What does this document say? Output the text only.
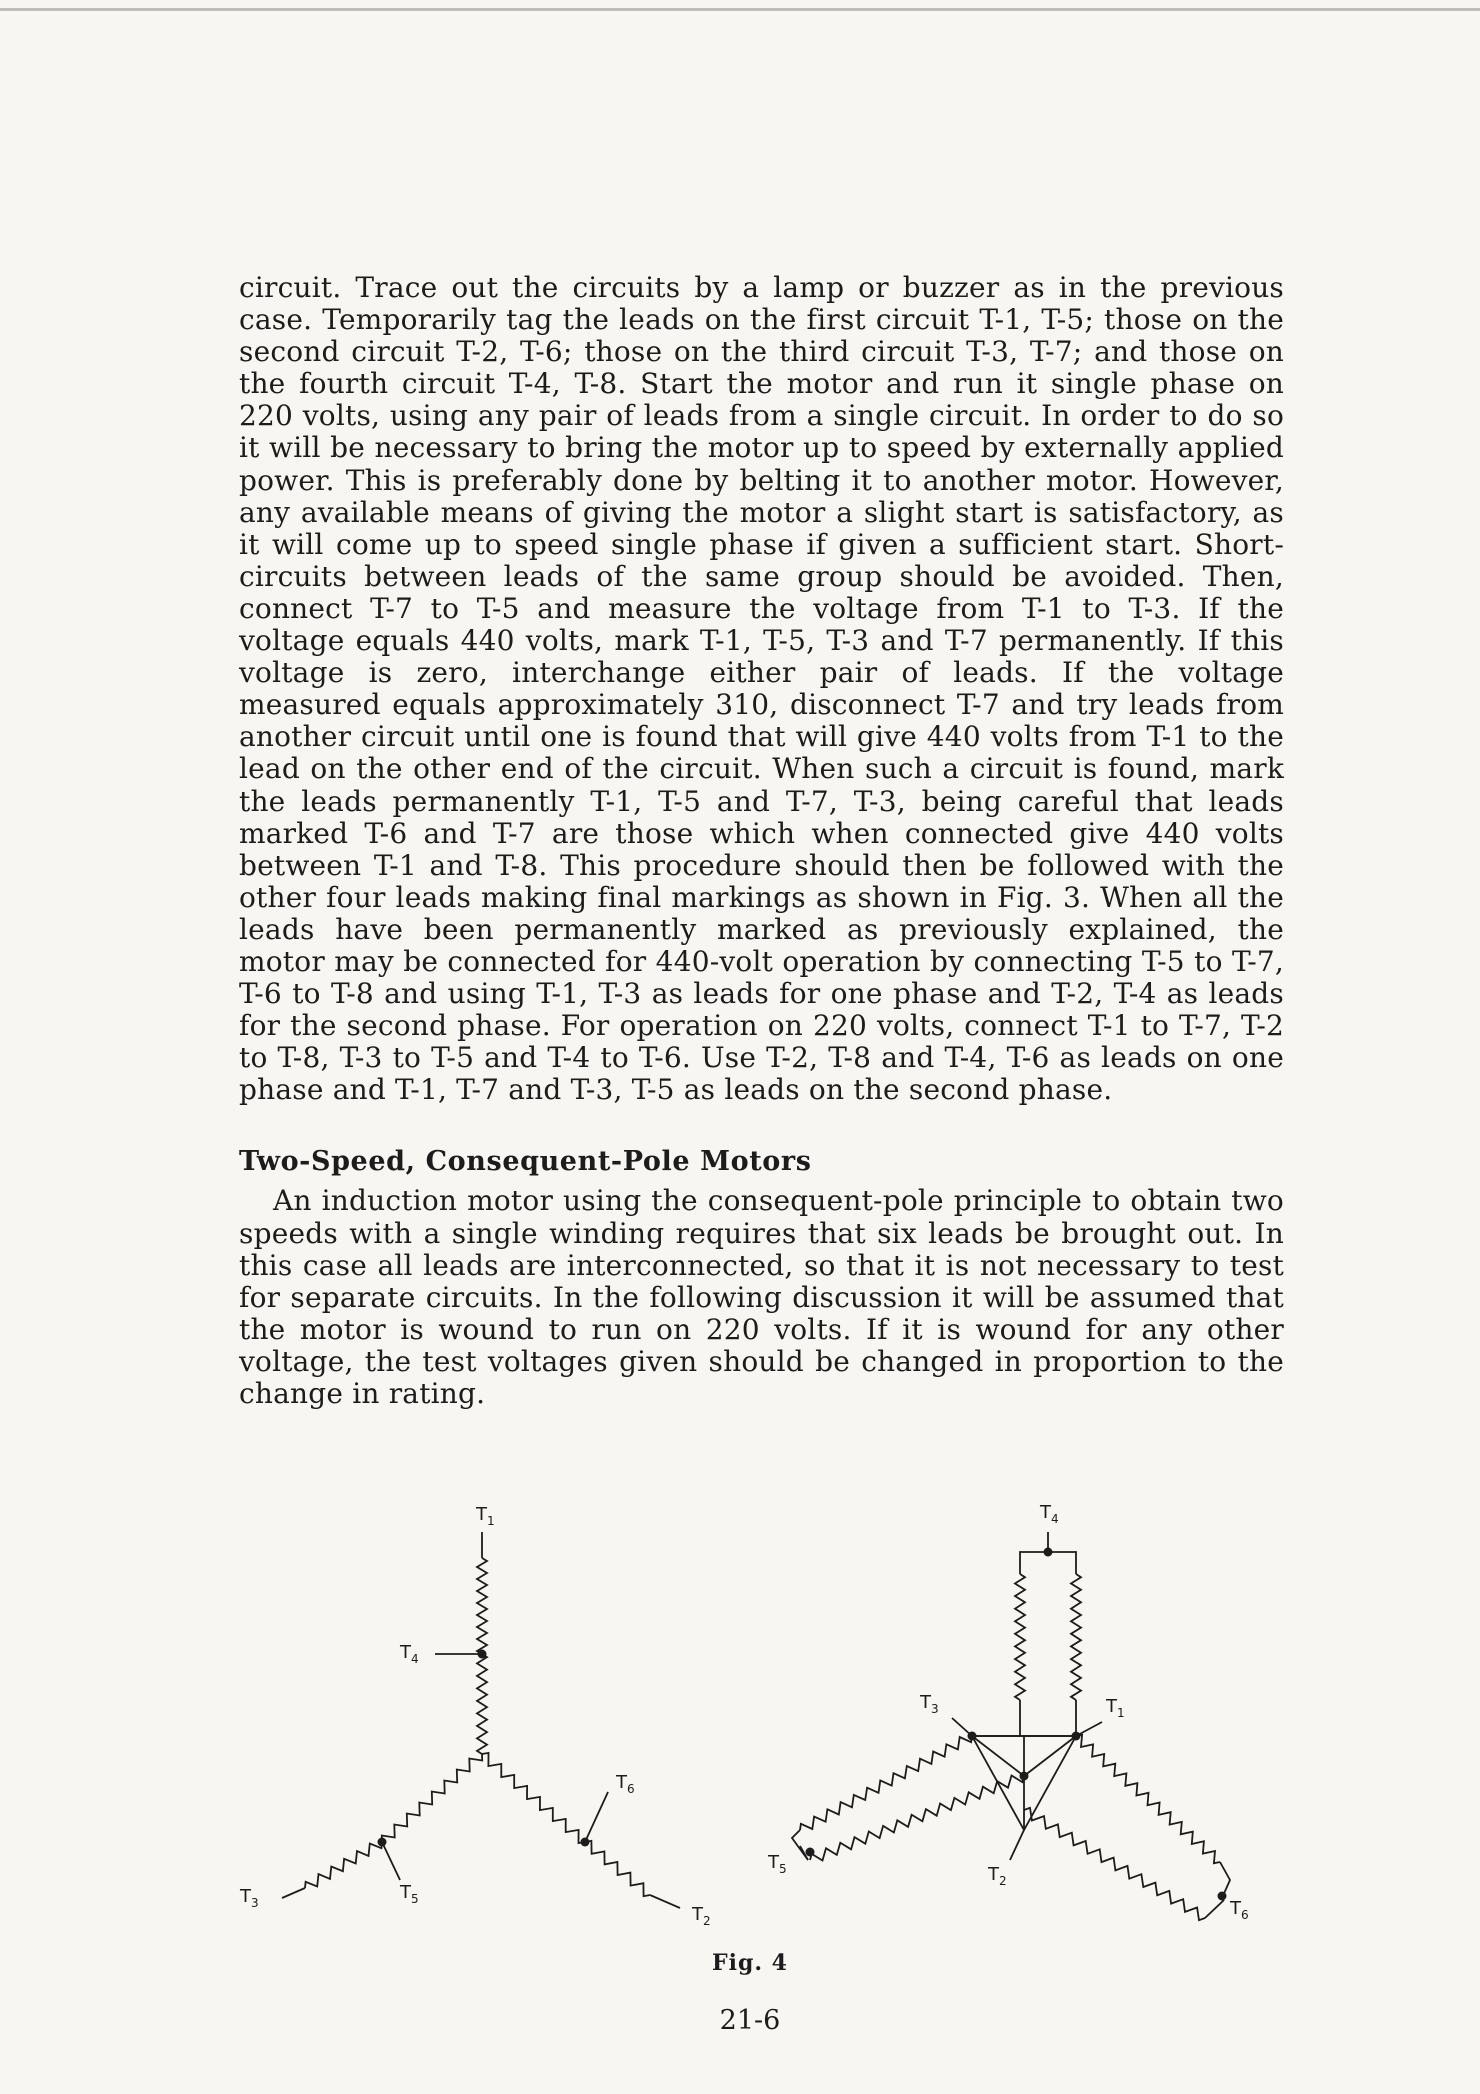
circuit. Trace out the circuits by a lamp or buzzer as in the previous case. Temporarily tag the leads on the first circuit T-1, T-5; those on the second circuit T-2, T-6; those on the third circuit T-3, T-7; and those on the fourth circuit T-4, T-8. Start the motor and run it single phase on 220 volts, using any pair of leads from a single circuit. In order to do so it will be necessary to bring the motor up to speed by externally applied power. This is preferably done by belting it to another motor. However, any available means of giving the motor a slight start is satisfactory, as it will come up to speed single phase if given a sufficient start. Short-circuits between leads of the same group should be avoided. Then, connect T-7 to T-5 and measure the voltage from T-1 to T-3. If the voltage equals 440 volts, mark T-1, T-5, T-3 and T-7 permanently. If this voltage is zero, interchange either pair of leads. If the voltage measured equals approximately 310, disconnect T-7 and try leads from another circuit until one is found that will give 440 volts from T-1 to the lead on the other end of the circuit. When such a circuit is found, mark the leads permanently T-1, T-5 and T-7, T-3, being careful that leads marked T-6 and T-7 are those which when connected give 440 volts between T-1 and T-8. This procedure should then be followed with the other four leads making final markings as shown in Fig. 3. When all the leads have been permanently marked as previously explained, the motor may be connected for 440-volt operation by connecting T-5 to T-7, T-6 to T-8 and using T-1, T-3 as leads for one phase and T-2, T-4 as leads for the second phase. For operation on 220 volts, connect T-1 to T-7, T-2 to T-8, T-3 to T-5 and T-4 to T-6. Use T-2, T-8 and T-4, T-6 as leads on one phase and T-1, T-7 and T-3, T-5 as leads on the second phase.

Two-Speed, Consequent-Pole Motors

An induction motor using the consequent-pole principle to obtain two speeds with a single winding requires that six leads be brought out. In this case all leads are interconnected, so that it is not necessary to test for separate circuits. In the following discussion it will be assumed that the motor is wound to run on 220 volts. If it is wound for any other voltage, the test voltages given should be changed in proportion to the change in rating.

$T_1$
$T_4$
$T_6$
$T_3$	$T_5$
$T_2$
$T_4$
$T_3$	$T_1$
$T_5$	$T_2$
$T_6$
Fig. 4
21-6
